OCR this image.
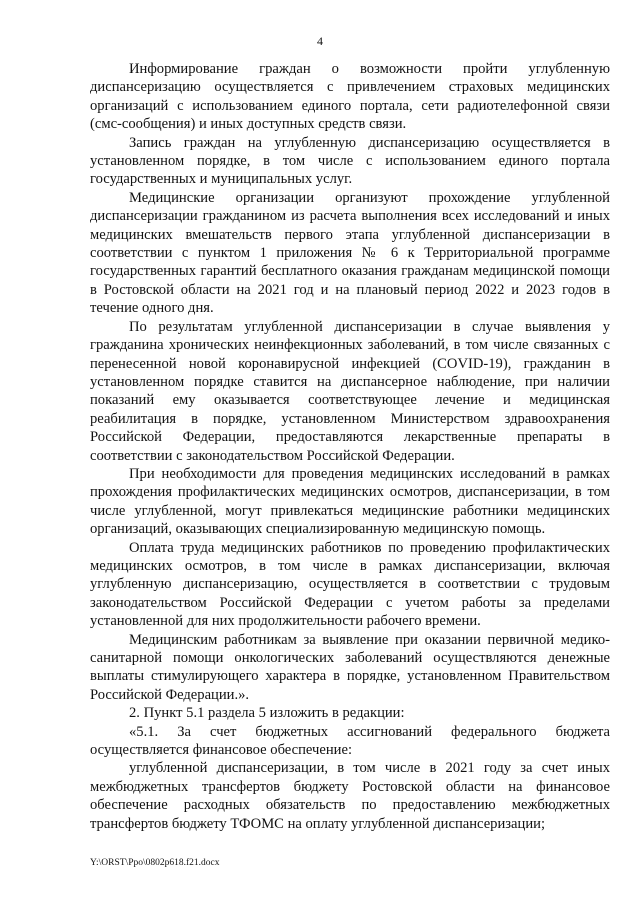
4

Информирование граждан о возможности пройти углубленную диспансеризацию осуществляется с привлечением страховых медицинских организаций с использованием единого портала, сети радиотелефонной связи (смс-сообщения) и иных доступных средств связи.

Запись граждан на углубленную диспансеризацию осуществляется в установленном порядке, в том числе с использованием единого портала государственных и муниципальных услуг.

Медицинские организации организуют прохождение углубленной диспансеризации гражданином из расчета выполнения всех исследований и иных медицинских вмешательств первого этапа углубленной диспансеризации в соответствии с пунктом 1 приложения № 6 к Территориальной программе государственных гарантий бесплатного оказания гражданам медицинской помощи в Ростовской области на 2021 год и на плановый период 2022 и 2023 годов в течение одного дня.

По результатам углубленной диспансеризации в случае выявления у гражданина хронических неинфекционных заболеваний, в том числе связанных с перенесенной новой коронавирусной инфекцией (COVID-19), гражданин в установленном порядке ставится на диспансерное наблюдение, при наличии показаний ему оказывается соответствующее лечение и медицинская реабилитация в порядке, установленном Министерством здравоохранения Российской Федерации, предоставляются лекарственные препараты в соответствии с законодательством Российской Федерации.

При необходимости для проведения медицинских исследований в рамках прохождения профилактических медицинских осмотров, диспансеризации, в том числе углубленной, могут привлекаться медицинские работники медицинских организаций, оказывающих специализированную медицинскую помощь.

Оплата труда медицинских работников по проведению профилактических медицинских осмотров, в том числе в рамках диспансеризации, включая углубленную диспансеризацию, осуществляется в соответствии с трудовым законодательством Российской Федерации с учетом работы за пределами установленной для них продолжительности рабочего времени.

Медицинским работникам за выявление при оказании первичной медико-санитарной помощи онкологических заболеваний осуществляются денежные выплаты стимулирующего характера в порядке, установленном Правительством Российской Федерации.».

2. Пункт 5.1 раздела 5 изложить в редакции:

«5.1. За счет бюджетных ассигнований федерального бюджета осуществляется финансовое обеспечение:

углубленной диспансеризации, в том числе в 2021 году за счет иных межбюджетных трансфертов бюджету Ростовской области на финансовое обеспечение расходных обязательств по предоставлению межбюджетных трансфертов бюджету ТФОМС на оплату углубленной диспансеризации;

Y:\ORST\Ppo\0802p618.f21.docx
